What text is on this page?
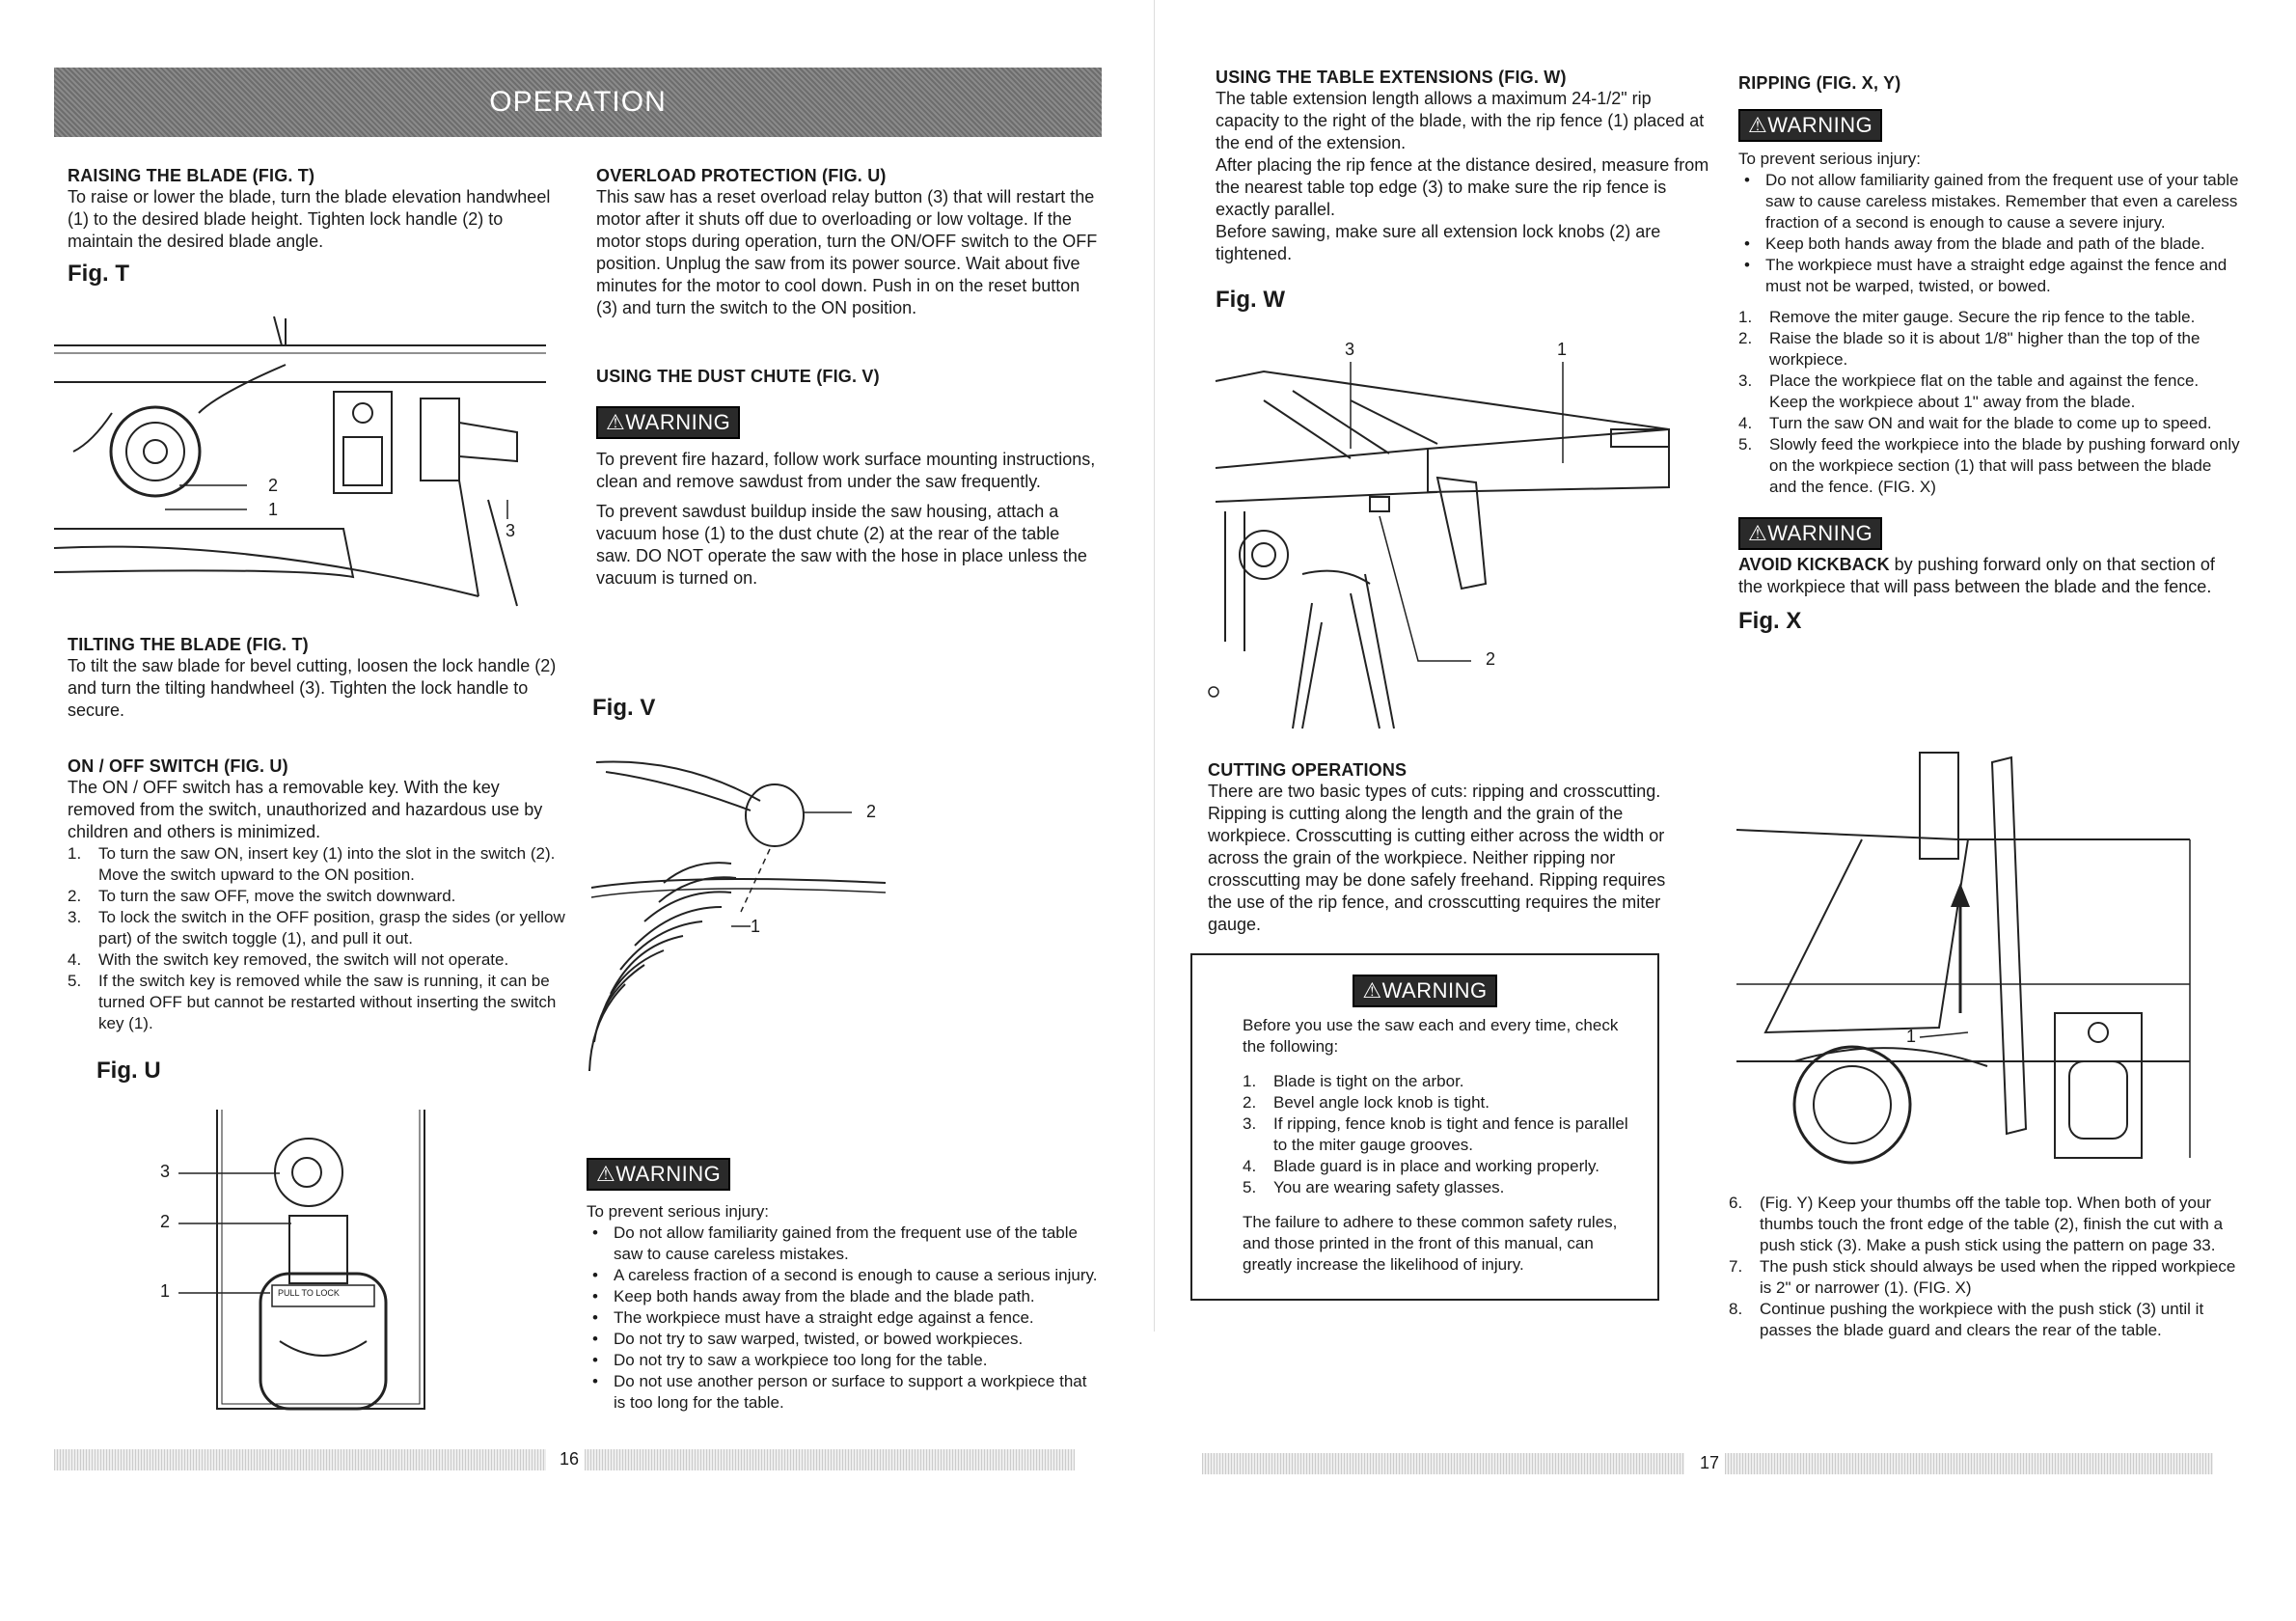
OPERATION
RAISING THE BLADE (FIG. T)

To raise or lower the blade, turn the blade elevation handwheel (1) to the desired blade height. Tighten lock handle (2) to maintain the desired blade angle.

Fig. T
2
1
3
TILTING THE BLADE (FIG. T)

To tilt the saw blade for bevel cutting, loosen the lock handle (2) and turn the tilting handwheel (3). Tighten the lock handle to secure.

ON / OFF SWITCH (FIG. U)

The ON / OFF switch has a removable key. With the key removed from the switch, unauthorized and hazardous use by children and others is minimized.

1. To turn the saw ON, insert key (1) into the slot in the switch (2). Move the switch upward to the ON position.
2. To turn the saw OFF, move the switch downward.
3. To lock the switch in the OFF position, grasp the sides (or yellow part) of the switch toggle (1), and pull it out.
4. With the switch key removed, the switch will not operate.
5. If the switch key is removed while the saw is running, it can be turned OFF but cannot be restarted without inserting the switch key (1).
Fig. U
3
2
1	PULL TO LOCK
OVERLOAD PROTECTION (FIG. U)

This saw has a reset overload relay button (3) that will restart the motor after it shuts off due to overloading or low voltage. If the motor stops during operation, turn the ON/OFF switch to the OFF position. Unplug the saw from its power source. Wait about five minutes for the motor to cool down. Push in on the reset button (3) and turn the switch to the ON position.

USING THE DUST CHUTE (FIG. V)
⚠WARNING

To prevent fire hazard, follow work surface mounting instructions, clean and remove sawdust from under the saw frequently.

To prevent sawdust buildup inside the saw housing, attach a vacuum hose (1) to the dust chute (2) at the rear of the table saw. DO NOT operate the saw with the hose in place unless the vacuum is turned on.

Fig. V
2
1
⚠WARNING

To prevent serious injury:

• Do not allow familiarity gained from the frequent use of the table saw to cause careless mistakes.
• A careless fraction of a second is enough to cause a serious injury.
• Keep both hands away from the blade and the blade path.
• The workpiece must have a straight edge against a fence.
• Do not try to saw warped, twisted, or bowed workpieces.
• Do not try to saw a workpiece too long for the table.
• Do not use another person or surface to support a workpiece that is too long for the table.
16
USING THE TABLE EXTENSIONS (FIG. W)

The table extension length allows a maximum 24-1/2" rip capacity to the right of the blade, with the rip fence (1) placed at the end of the extension.

After placing the rip fence at the distance desired, measure from the nearest table top edge (3) to make sure the rip fence is exactly parallel.

Before sawing, make sure all extension lock knobs (2) are tightened.

Fig. W
3	1
2
CUTTING OPERATIONS

There are two basic types of cuts: ripping and crosscutting. Ripping is cutting along the length and the grain of the workpiece. Crosscutting is cutting either across the width or across the grain of the workpiece. Neither ripping nor crosscutting may be done safely freehand. Ripping requires the use of the rip fence, and crosscutting requires the miter gauge.

⚠WARNING

Before you use the saw each and every time, check the following:

1. Blade is tight on the arbor.
2. Bevel angle lock knob is tight.
3. If ripping, fence knob is tight and fence is parallel to the miter gauge grooves.
4. Blade guard is in place and working properly.
5. You are wearing safety glasses.

The failure to adhere to these common safety rules, and those printed in the front of this manual, can greatly increase the likelihood of injury.

RIPPING (FIG. X, Y)
⚠WARNING

To prevent serious injury:

• Do not allow familiarity gained from the frequent use of your table saw to cause careless mistakes. Remember that even a careless fraction of a second is enough to cause a severe injury.
• Keep both hands away from the blade and path of the blade.
• The workpiece must have a straight edge against the fence and must not be warped, twisted, or bowed.
1. Remove the miter gauge. Secure the rip fence to the table.
2. Raise the blade so it is about 1/8" higher than the top of the workpiece.
3. Place the workpiece flat on the table and against the fence. Keep the workpiece about 1" away from the blade.
4. Turn the saw ON and wait for the blade to come up to speed.
5. Slowly feed the workpiece into the blade by pushing forward only on the workpiece section (1) that will pass between the blade and the fence. (FIG. X)
⚠WARNING

AVOID KICKBACK by pushing forward only on that section of the workpiece that will pass between the blade and the fence.

Fig. X
1
6. (Fig. Y) Keep your thumbs off the table top. When both of your thumbs touch the front edge of the table (2), finish the cut with a push stick (3). Make a push stick using the pattern on page 33.
7. The push stick should always be used when the ripped workpiece is 2" or narrower (1). (FIG. X)
8. Continue pushing the workpiece with the push stick (3) until it passes the blade guard and clears the rear of the table.
17
